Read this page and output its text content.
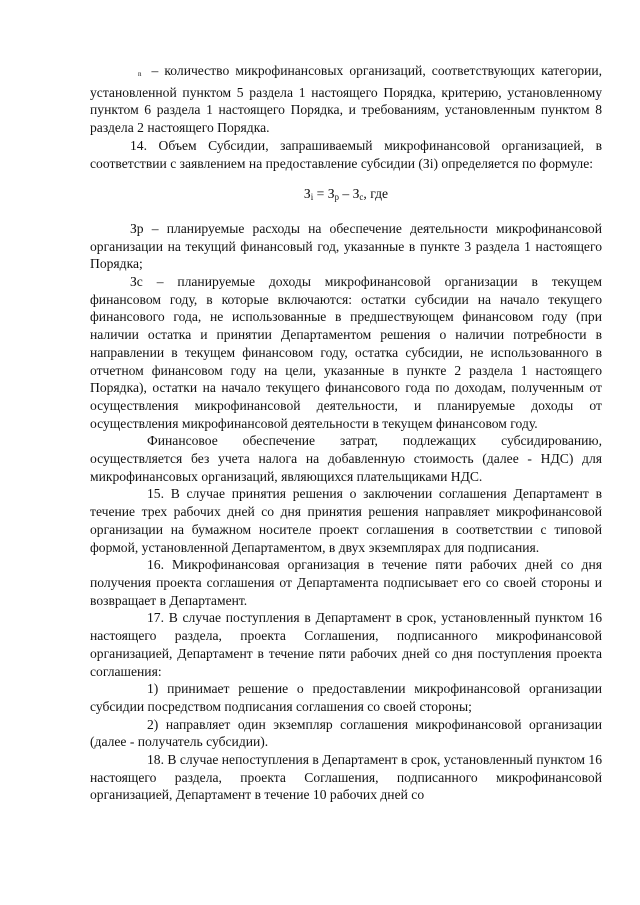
n – количество микрофинансовых организаций, соответствующих категории, установленной пунктом 5 раздела 1 настоящего Порядка, критерию, установленному пунктом 6 раздела 1 настоящего Порядка, и требованиям, установленным пунктом 8 раздела 2 настоящего Порядка.

14. Объем Субсидии, запрашиваемый микрофинансовой организацией, в соответствии с заявлением на предоставление субсидии (Зi) определяется по формуле:

$З_i = З_р - З_с$, где

Зр – планируемые расходы на обеспечение деятельности микрофинансовой организации на текущий финансовый год, указанные в пункте 3 раздела 1 настоящего Порядка;

Зс – планируемые доходы микрофинансовой организации в текущем финансовом году, в которые включаются: остатки субсидии на начало текущего финансового года, не использованные в предшествующем финансовом году (при наличии остатка и принятии Департаментом решения о наличии потребности в направлении в текущем финансовом году, остатка субсидии, не использованного в отчетном финансовом году на цели, указанные в пункте 2 раздела 1 настоящего Порядка), остатки на начало текущего финансового года по доходам, полученным от осуществления микрофинансовой деятельности, и планируемые доходы от осуществления микрофинансовой деятельности в текущем финансовом году.

Финансовое обеспечение затрат, подлежащих субсидированию, осуществляется без учета налога на добавленную стоимость (далее - НДС) для микрофинансовых организаций, являющихся плательщиками НДС.

15. В случае принятия решения о заключении соглашения Департамент в течение трех рабочих дней со дня принятия решения направляет микрофинансовой организации на бумажном носителе проект соглашения в соответствии с типовой формой, установленной Департаментом, в двух экземплярах для подписания.

16. Микрофинансовая организация в течение пяти рабочих дней со дня получения проекта соглашения от Департамента подписывает его со своей стороны и возвращает в Департамент.

17. В случае поступления в Департамент в срок, установленный пунктом 16 настоящего раздела, проекта Соглашения, подписанного микрофинансовой организацией, Департамент в течение пяти рабочих дней со дня поступления проекта соглашения:

1) принимает решение о предоставлении микрофинансовой организации субсидии посредством подписания соглашения со своей стороны;

2) направляет один экземпляр соглашения микрофинансовой организации (далее - получатель субсидии).

18. В случае непоступления в Департамент в срок, установленный пунктом 16 настоящего раздела, проекта Соглашения, подписанного микрофинансовой организацией, Департамент в течение 10 рабочих дней со
